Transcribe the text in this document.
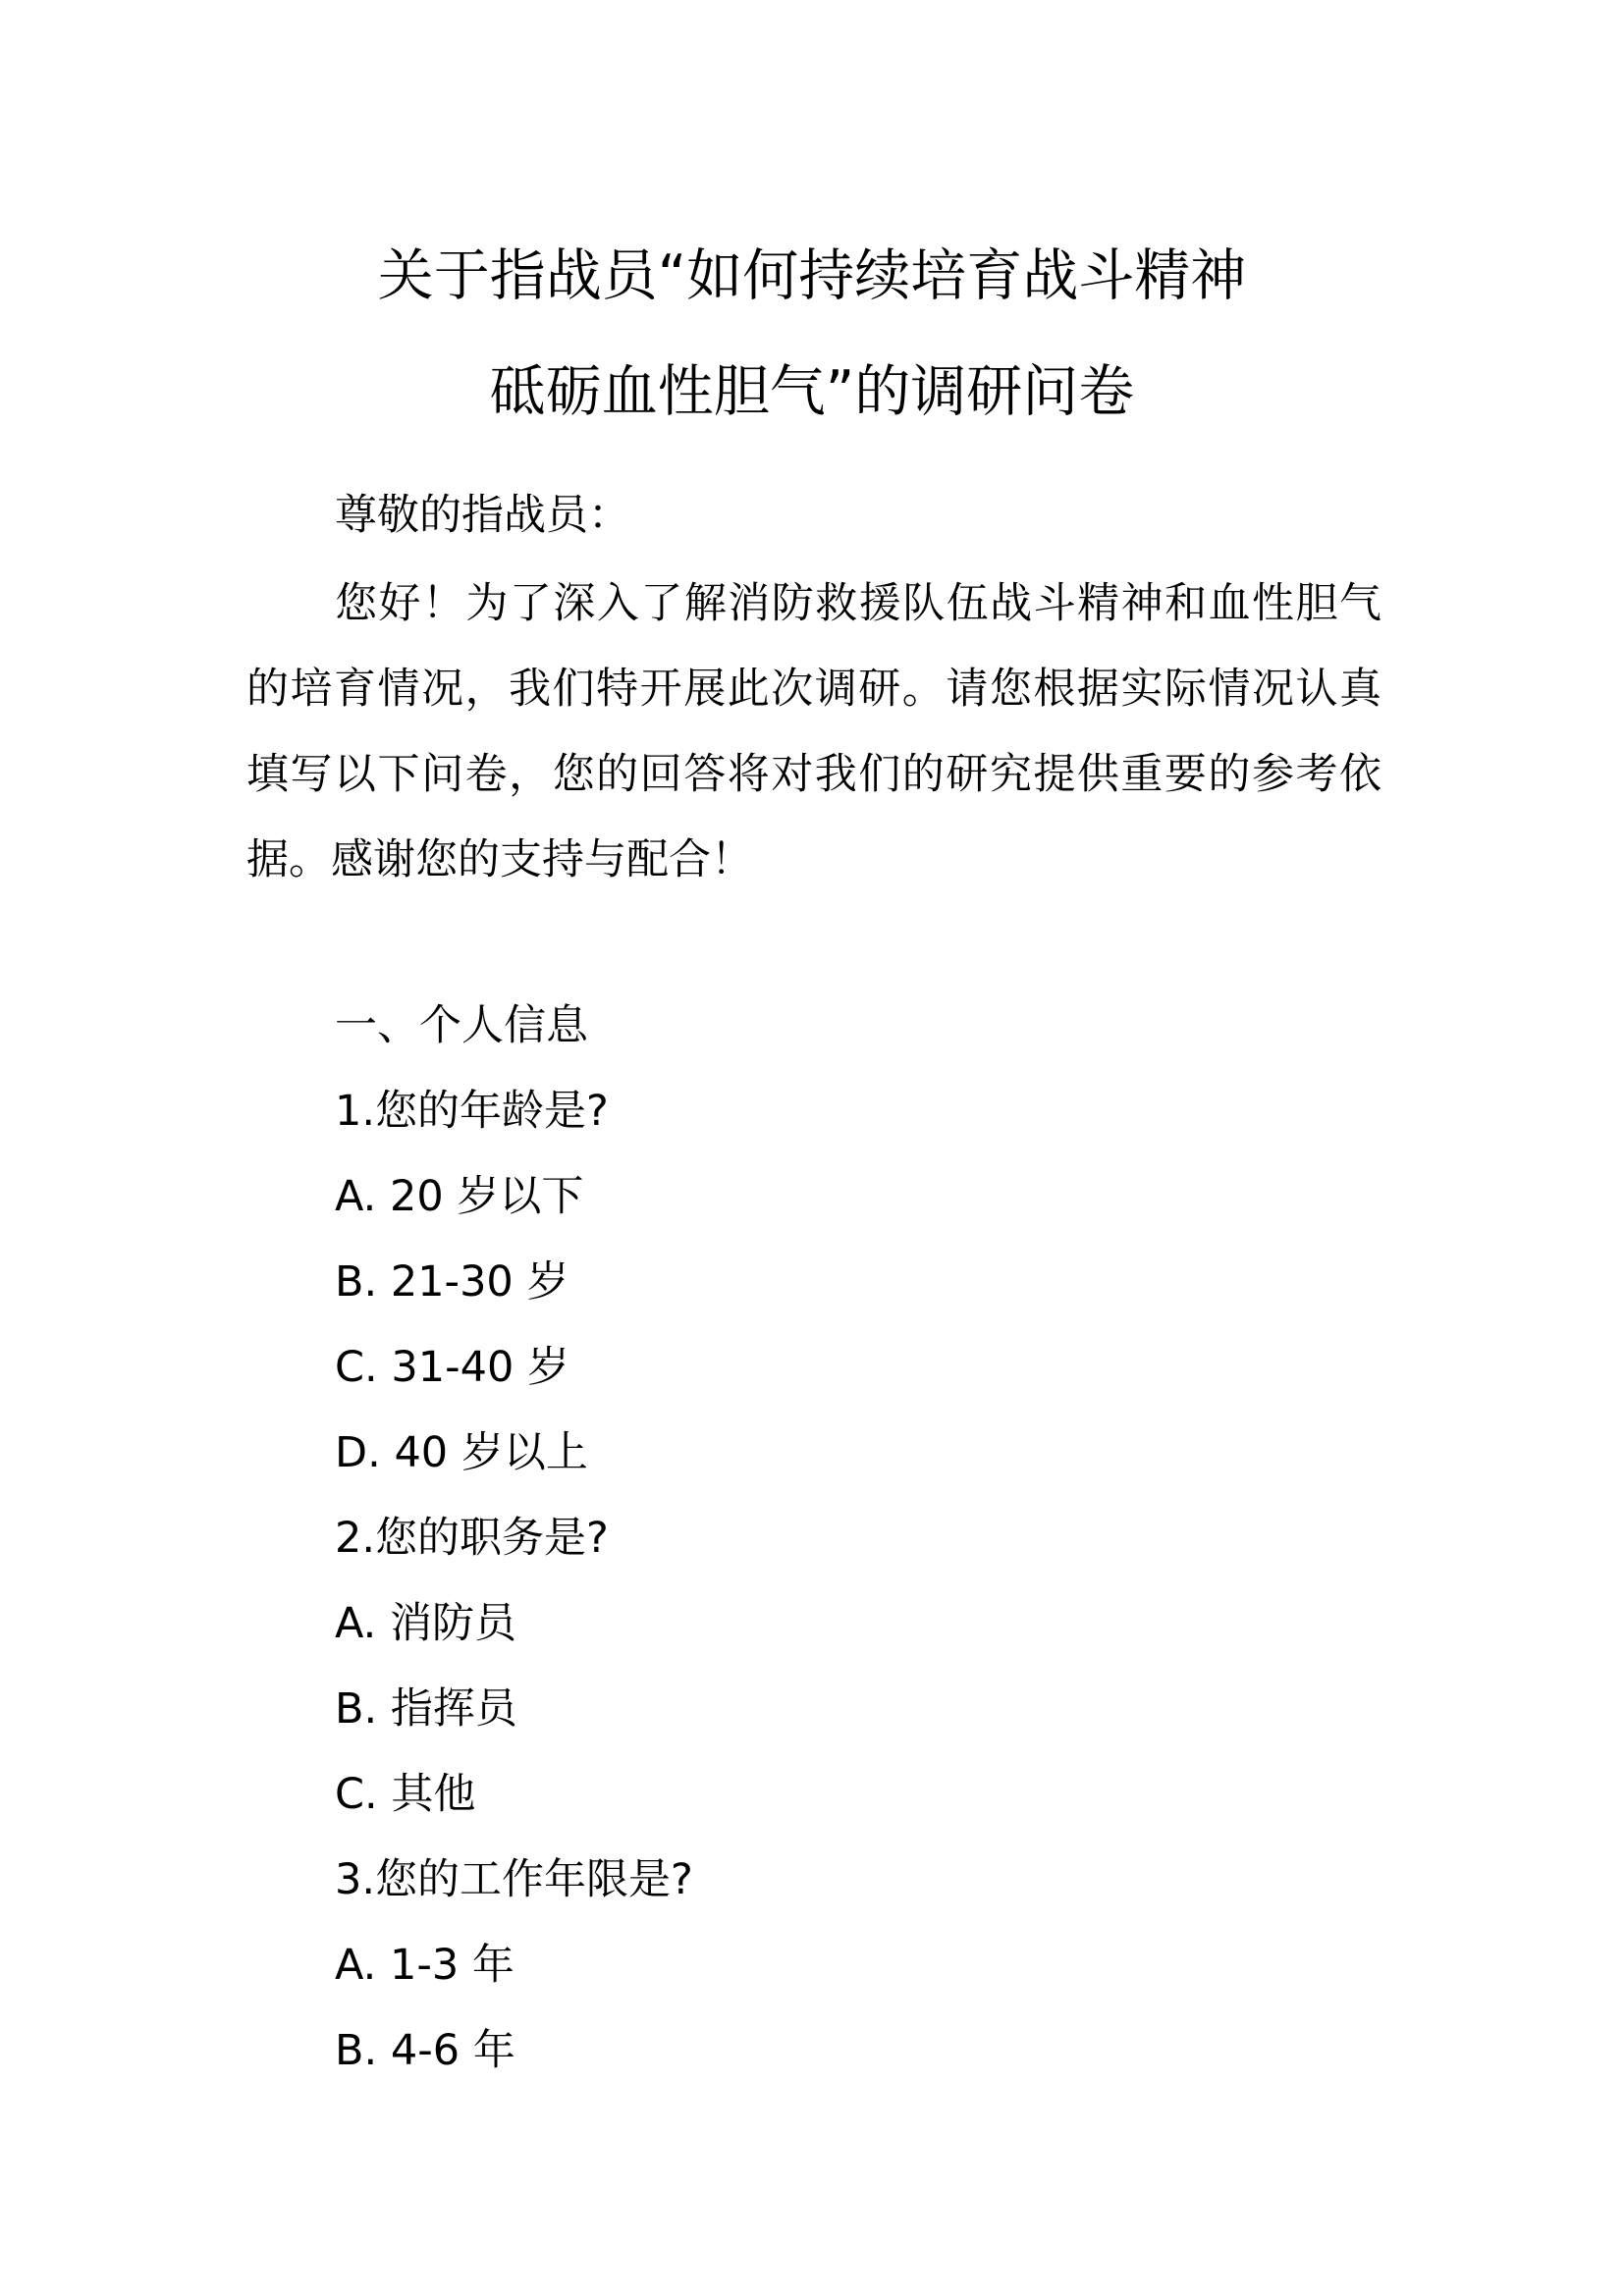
关于指战员“如何持续培育战斗精神
砥砺血性胆气”的调研问卷

尊敬的指战员：

您好！为了深入了解消防救援队伍战斗精神和血性胆气的培育情况，我们特开展此次调研。请您根据实际情况认真填写以下问卷，您的回答将对我们的研究提供重要的参考依据。感谢您的支持与配合！

一、个人信息
1.您的年龄是?
A. 20 岁以下
B. 21-30 岁
C. 31-40 岁
D. 40 岁以上
2.您的职务是?
A. 消防员
B. 指挥员
C. 其他
3.您的工作年限是?
A. 1-3 年
B. 4-6 年
